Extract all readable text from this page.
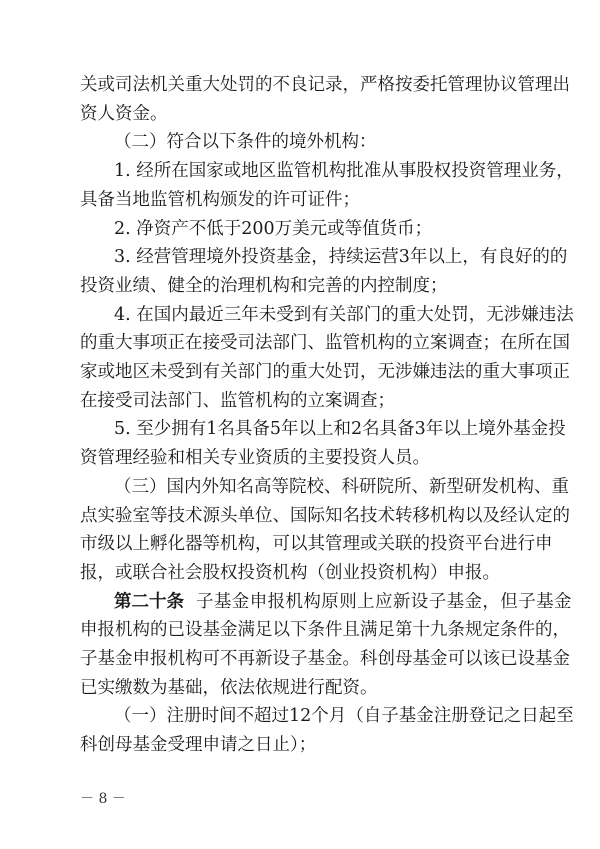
关或司法机关重大处罚的不良记录，严格按委托管理协议管理出
资人资金。
（二）符合以下条件的境外机构：
1. 经所在国家或地区监管机构批准从事股权投资管理业务，
具备当地监管机构颁发的许可证件；
2. 净资产不低于200万美元或等值货币；
3. 经营管理境外投资基金，持续运营3年以上，有良好的的
投资业绩、健全的治理机构和完善的内控制度；
4. 在国内最近三年未受到有关部门的重大处罚，无涉嫌违法
的重大事项正在接受司法部门、监管机构的立案调查；在所在国
家或地区未受到有关部门的重大处罚，无涉嫌违法的重大事项正
在接受司法部门、监管机构的立案调查；
5. 至少拥有1名具备5年以上和2名具备3年以上境外基金投
资管理经验和相关专业资质的主要投资人员。
（三）国内外知名高等院校、科研院所、新型研发机构、重
点实验室等技术源头单位、国际知名技术转移机构以及经认定的
市级以上孵化器等机构，可以其管理或关联的投资平台进行申
报，或联合社会股权投资机构（创业投资机构）申报。
第二十条 子基金申报机构原则上应新设子基金，但子基金
申报机构的已设基金满足以下条件且满足第十九条规定条件的，
子基金申报机构可不再新设子基金。科创母基金可以该已设基金
已实缴数为基础，依法依规进行配资。
（一）注册时间不超过12个月（自子基金注册登记之日起至
科创母基金受理申请之日止）；
－ 8 －
